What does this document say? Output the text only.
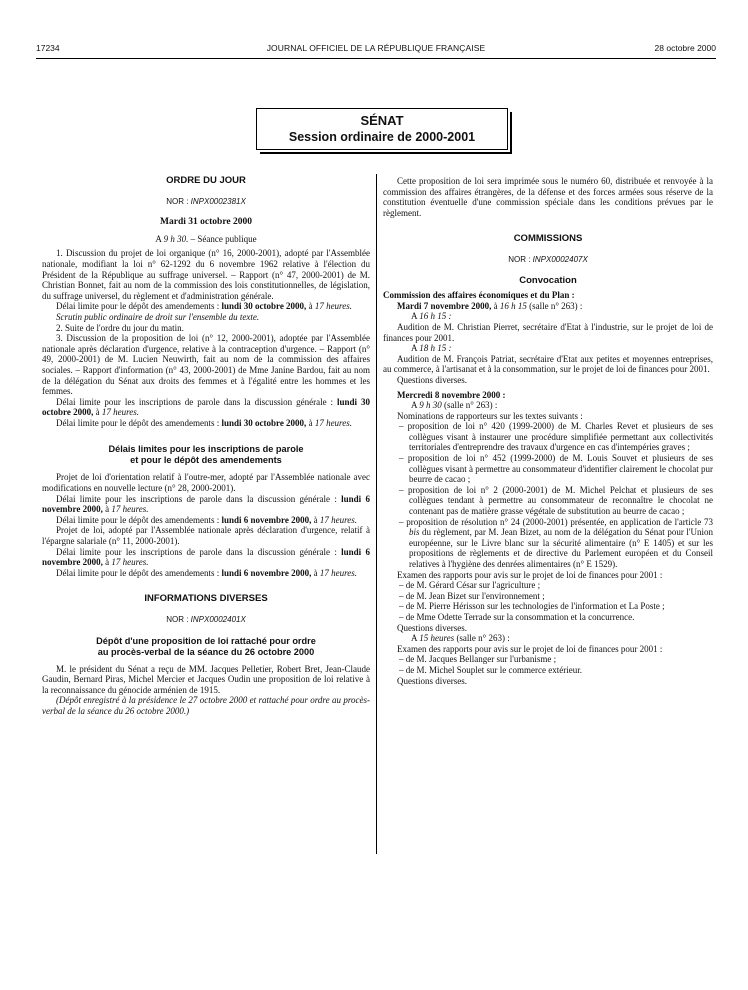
17234	JOURNAL OFFICIEL DE LA RÉPUBLIQUE FRANÇAISE	28 octobre 2000
SÉNAT
Session ordinaire de 2000-2001
ORDRE DU JOUR
NOR : INPX0002381X
Mardi 31 octobre 2000
A 9 h 30. – Séance publique

1. Discussion du projet de loi organique (n° 16, 2000-2001), adopté par l'Assemblée nationale, modifiant la loi n° 62-1292 du 6 novembre 1962 relative à l'élection du Président de la République au suffrage universel. – Rapport (n° 47, 2000-2001) de M. Christian Bonnet, fait au nom de la commission des lois constitutionnelles, de législation, du suffrage universel, du règlement et d'administration générale.

Délai limite pour le dépôt des amendements : lundi 30 octobre 2000, à 17 heures.

Scrutin public ordinaire de droit sur l'ensemble du texte.

2. Suite de l'ordre du jour du matin.

3. Discussion de la proposition de loi (n° 12, 2000-2001), adoptée par l'Assemblée nationale après déclaration d'urgence, relative à la contraception d'urgence. – Rapport (n° 49, 2000-2001) de M. Lucien Neuwirth, fait au nom de la commission des affaires sociales. – Rapport d'information (n° 43, 2000-2001) de Mme Janine Bardou, fait au nom de la délégation du Sénat aux droits des femmes et à l'égalité entre les hommes et les femmes.

Délai limite pour les inscriptions de parole dans la discussion générale : lundi 30 octobre 2000, à 17 heures.

Délai limite pour le dépôt des amendements : lundi 30 octobre 2000, à 17 heures.

Délais limites pour les inscriptions de parole
et pour le dépôt des amendements

Projet de loi d'orientation relatif à l'outre-mer, adopté par l'Assemblée nationale avec modifications en nouvelle lecture (n° 28, 2000-2001).

Délai limite pour les inscriptions de parole dans la discussion générale : lundi 6 novembre 2000, à 17 heures.

Délai limite pour le dépôt des amendements : lundi 6 novembre 2000, à 17 heures.

Projet de loi, adopté par l'Assemblée nationale après déclaration d'urgence, relatif à l'épargne salariale (n° 11, 2000-2001).

Délai limite pour les inscriptions de parole dans la discussion générale : lundi 6 novembre 2000, à 17 heures.

Délai limite pour le dépôt des amendements : lundi 6 novembre 2000, à 17 heures.

INFORMATIONS DIVERSES
NOR : INPX0002401X
Dépôt d'une proposition de loi rattaché pour ordre
au procès-verbal de la séance du 26 octobre 2000

M. le président du Sénat a reçu de MM. Jacques Pelletier, Robert Bret, Jean-Claude Gaudin, Bernard Piras, Michel Mercier et Jacques Oudin une proposition de loi relative à la reconnaissance du génocide arménien de 1915.

(Dépôt enregistré à la présidence le 27 octobre 2000 et rattaché pour ordre au procès-verbal de la séance du 26 octobre 2000.)

Cette proposition de loi sera imprimée sous le numéro 60, distribuée et renvoyée à la commission des affaires étrangères, de la défense et des forces armées sous réserve de la constitution éventuelle d'une commission spéciale dans les conditions prévues par le règlement.

COMMISSIONS
NOR : INPX0002407X
Convocation

Commission des affaires économiques et du Plan :

Mardi 7 novembre 2000, à 16 h 15 (salle n° 263) :

A 16 h 15 :

Audition de M. Christian Pierret, secrétaire d'Etat à l'industrie, sur le projet de loi de finances pour 2001.

A 18 h 15 :

Audition de M. François Patriat, secrétaire d'Etat aux petites et moyennes entreprises, au commerce, à l'artisanat et à la consommation, sur le projet de loi de finances pour 2001.

Questions diverses.

Mercredi 8 novembre 2000 :

A 9 h 30 (salle n° 263) :

Nominations de rapporteurs sur les textes suivants :

– proposition de loi n° 420 (1999-2000) de M. Charles Revet et plusieurs de ses collègues visant à instaurer une procédure simplifiée permettant aux collectivités territoriales d'entreprendre des travaux d'urgence en cas d'intempéries graves ;

– proposition de loi n° 452 (1999-2000) de M. Louis Souvet et plusieurs de ses collègues visant à permettre au consommateur d'identifier clairement le chocolat pur beurre de cacao ;

– proposition de loi n° 2 (2000-2001) de M. Michel Pelchat et plusieurs de ses collègues tendant à permettre au consommateur de reconnaître le chocolat ne contenant pas de matière grasse végétale de substitution au beurre de cacao ;

– proposition de résolution n° 24 (2000-2001) présentée, en application de l'article 73 bis du règlement, par M. Jean Bizet, au nom de la délégation du Sénat pour l'Union européenne, sur le Livre blanc sur la sécurité alimentaire (n° E 1405) et sur les propositions de règlements et de directive du Parlement européen et du Conseil relatives à l'hygiène des denrées alimentaires (n° E 1529).

Examen des rapports pour avis sur le projet de loi de finances pour 2001 :

– de M. Gérard César sur l'agriculture ;

– de M. Jean Bizet sur l'environnement ;

– de M. Pierre Hérisson sur les technologies de l'information et La Poste ;

– de Mme Odette Terrade sur la consommation et la concurrence.

Questions diverses.

A 15 heures (salle n° 263) :

Examen des rapports pour avis sur le projet de loi de finances pour 2001 :

– de M. Jacques Bellanger sur l'urbanisme ;

– de M. Michel Souplet sur le commerce extérieur.

Questions diverses.
